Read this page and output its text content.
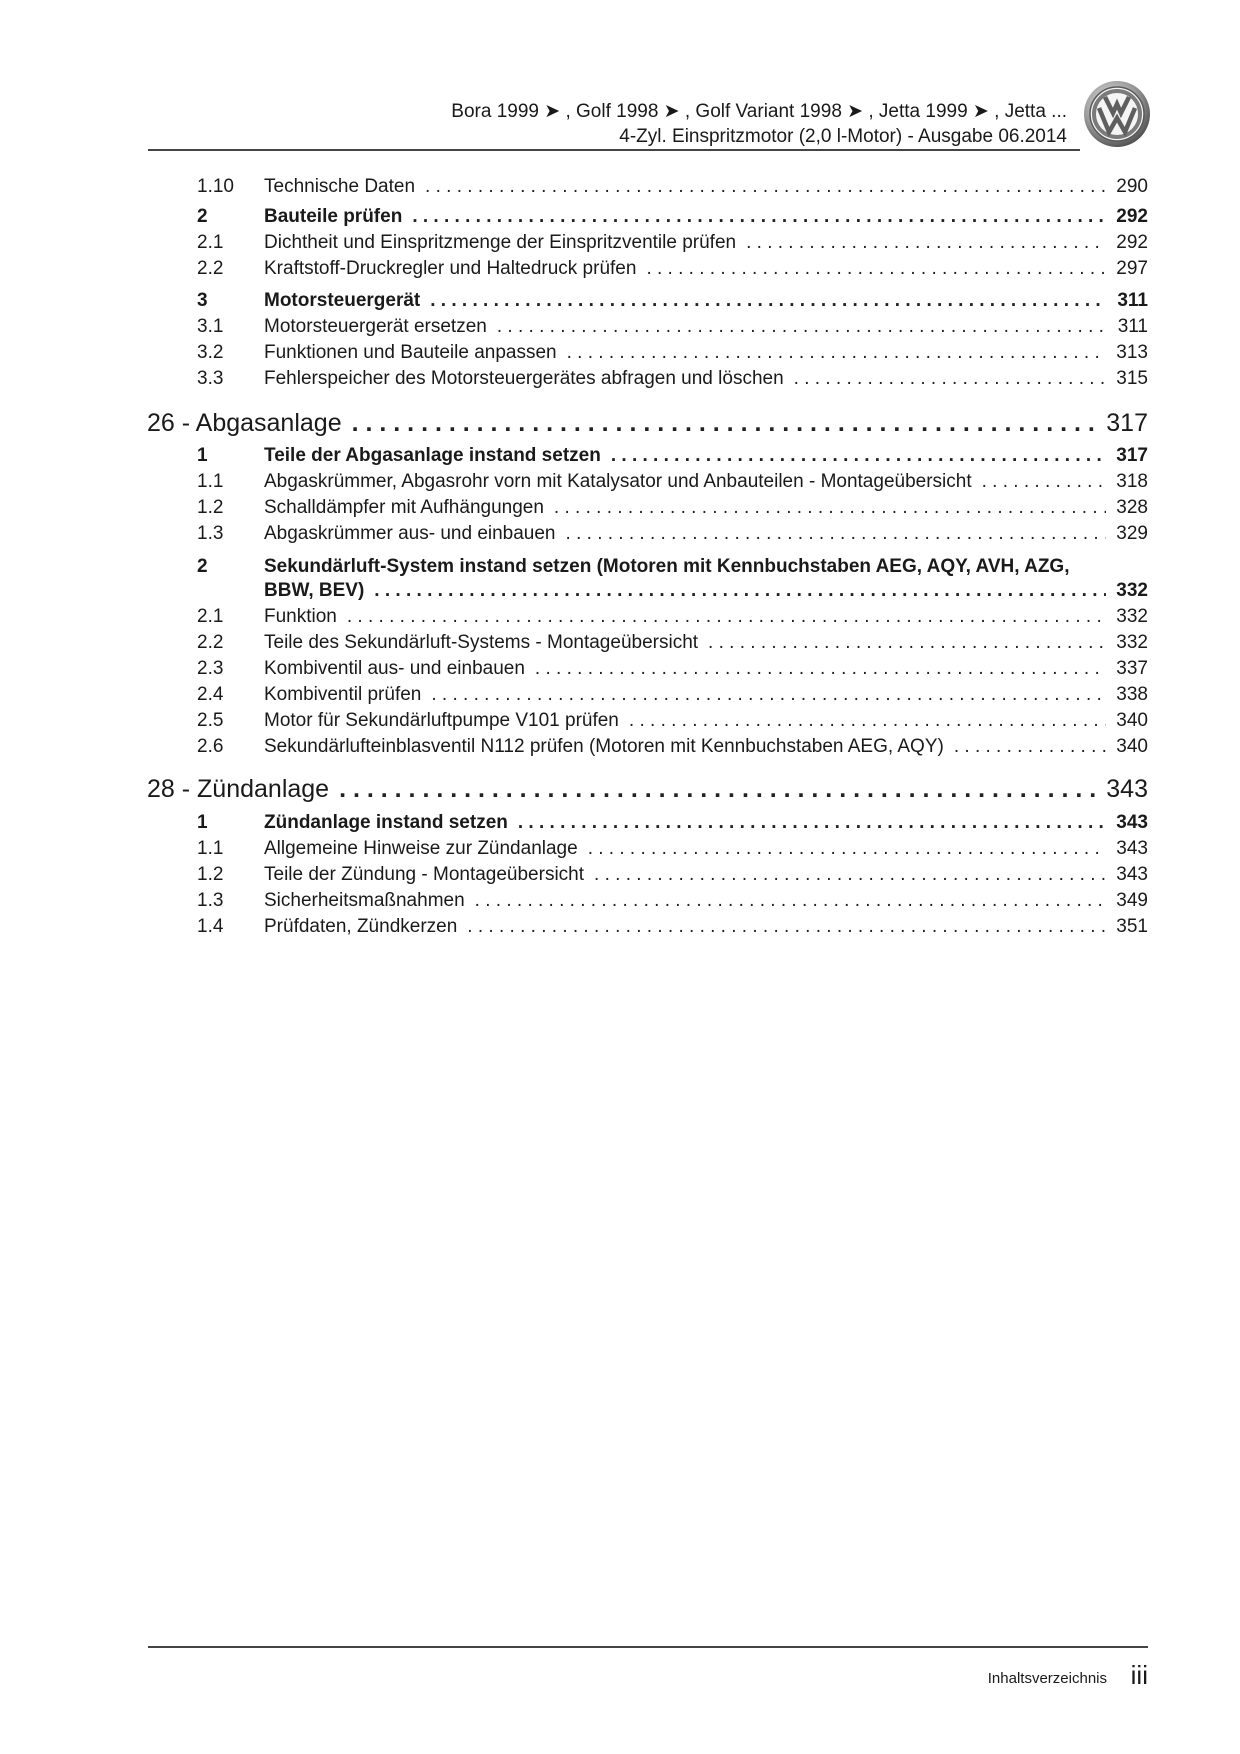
Bora 1999 ➤ , Golf 1998 ➤ , Golf Variant 1998 ➤ , Jetta 1999 ➤ , Jetta ...
4-Zyl. Einspritzmotor (2,0 l-Motor) - Ausgabe 06.2014
1.10 Technische Daten . . .	290
2	Bauteile prüfen . . .	292
2.1 Dichtheit und Einspritzmenge der Einspritzventile prüfen . . .	292
2.2 Kraftstoff-Druckregler und Haltedruck prüfen . . .	297
3	Motorsteuergerät . . .	311
3.1 Motorsteuergerät ersetzen . . .	311
3.2 Funktionen und Bauteile anpassen . . .	313
3.3 Fehlerspeicher des Motorsteuergerätes abfragen und löschen . . .	315
26 - Abgasanlage . . .	317
1	Teile der Abgasanlage instand setzen . . .	317
1.1 Abgaskrümmer, Abgasrohr vorn mit Katalysator und Anbauteilen - Montageübersicht . . .	318
1.2 Schalldämpfer mit Aufhängungen . . .	328
1.3 Abgaskrümmer aus- und einbauen . . .	329
2	Sekundärluft-System instand setzen (Motoren mit Kennbuchstaben AEG, AQY, AVH, AZG,
BBW, BEV) . . .	332
2.1 Funktion . . .	332
2.2 Teile des Sekundärluft-Systems - Montageübersicht . . .	332
2.3 Kombiventil aus- und einbauen . . .	337
2.4 Kombiventil prüfen . . .	338
2.5 Motor für Sekundärluftpumpe V101 prüfen . . .	340
2.6 Sekundärlufteinblasventil N112 prüfen (Motoren mit Kennbuchstaben AEG, AQY) . . .	340
28 - Zündanlage . . .	343
1	Zündanlage instand setzen . . .	343
1.1 Allgemeine Hinweise zur Zündanlage . . .	343
1.2 Teile der Zündung - Montageübersicht . . .	343
1.3 Sicherheitsmaßnahmen . . .	349
1.4 Prüfdaten, Zündkerzen . . .	351
Inhaltsverzeichnis iii
